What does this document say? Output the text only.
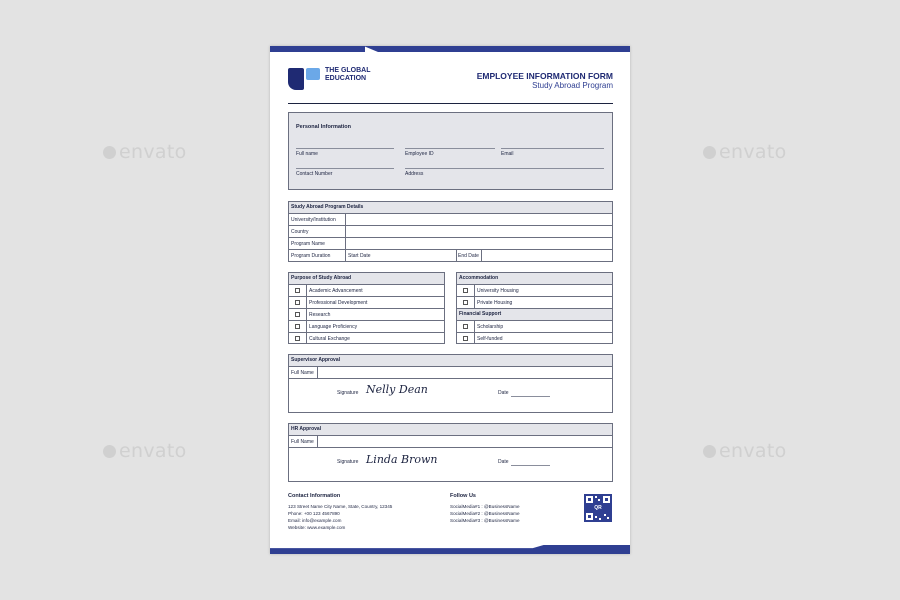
envato	envato
envato	envato
THE GLOBAL EDUCATION	EMPLOYEE INFORMATION FORM
Study Abroad Program
Personal Information
Full name	Employee ID	Email
Contact Number	Address
Study Abroad Program Details
University/Institution
Country
Program Name
Program Duration	Start Date	End Date
Purpose of Study Abroad
Academic Advancement
Professional Development
Research
Language Proficiency
Cultural Exchange
Accommodation
University Housing
Private Housing
Financial Support
Scholarship
Self-funded
Supervisor Approval
Full Name
Signature Nelly Dean	Date
HR Approval
Full Name
Signature Linda Brown	Date
Contact Information
123 Street Name City Name, State, Country, 12345
Phone: +00 123 4567890
Email: info@example.com
Website: www.example.com
Follow Us
SocialMedia#1 : @BusinessName
SocialMedia#2 : @BusinessName
SocialMedia#3 : @BusinessName
QR
